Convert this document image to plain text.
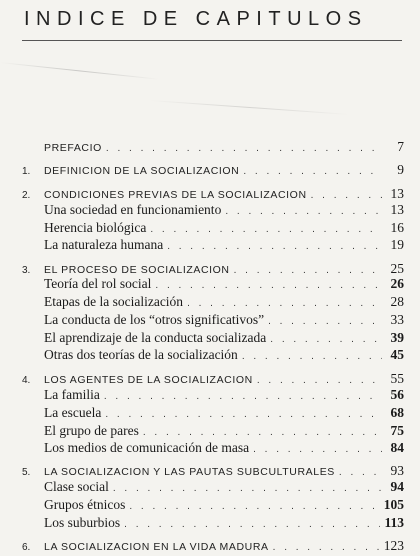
INDICE DE CAPITULOS
PREFACIO . . .	7
1.	DEFINICION DE LA SOCIALIZACION . . .	9
2.	CONDICIONES PREVIAS DE LA SOCIALIZACION . . .	13
Una sociedad en funcionamiento . . .	13
Herencia biológica . . .	16
La naturaleza humana . . .	19
3.	EL PROCESO DE SOCIALIZACION . . .	25
Teoría del rol social . . .	26
Etapas de la socialización . . .	28
La conducta de los “otros significativos” . . .	33
El aprendizaje de la conducta socializada . . .	39
Otras dos teorías de la socialización . . .	45
4.	LOS AGENTES DE LA SOCIALIZACION . . .	55
La familia . . .	56
La escuela . . .	68
El grupo de pares . . .	75
Los medios de comunicación de masa . . .	84
5.	LA SOCIALIZACION Y LAS PAUTAS SUBCULTURALES . . .	93
Clase social . . .	94
Grupos étnicos . . .	105
Los suburbios . . .	113
6.	LA SOCIALIZACION EN LA VIDA MADURA . . .	123
